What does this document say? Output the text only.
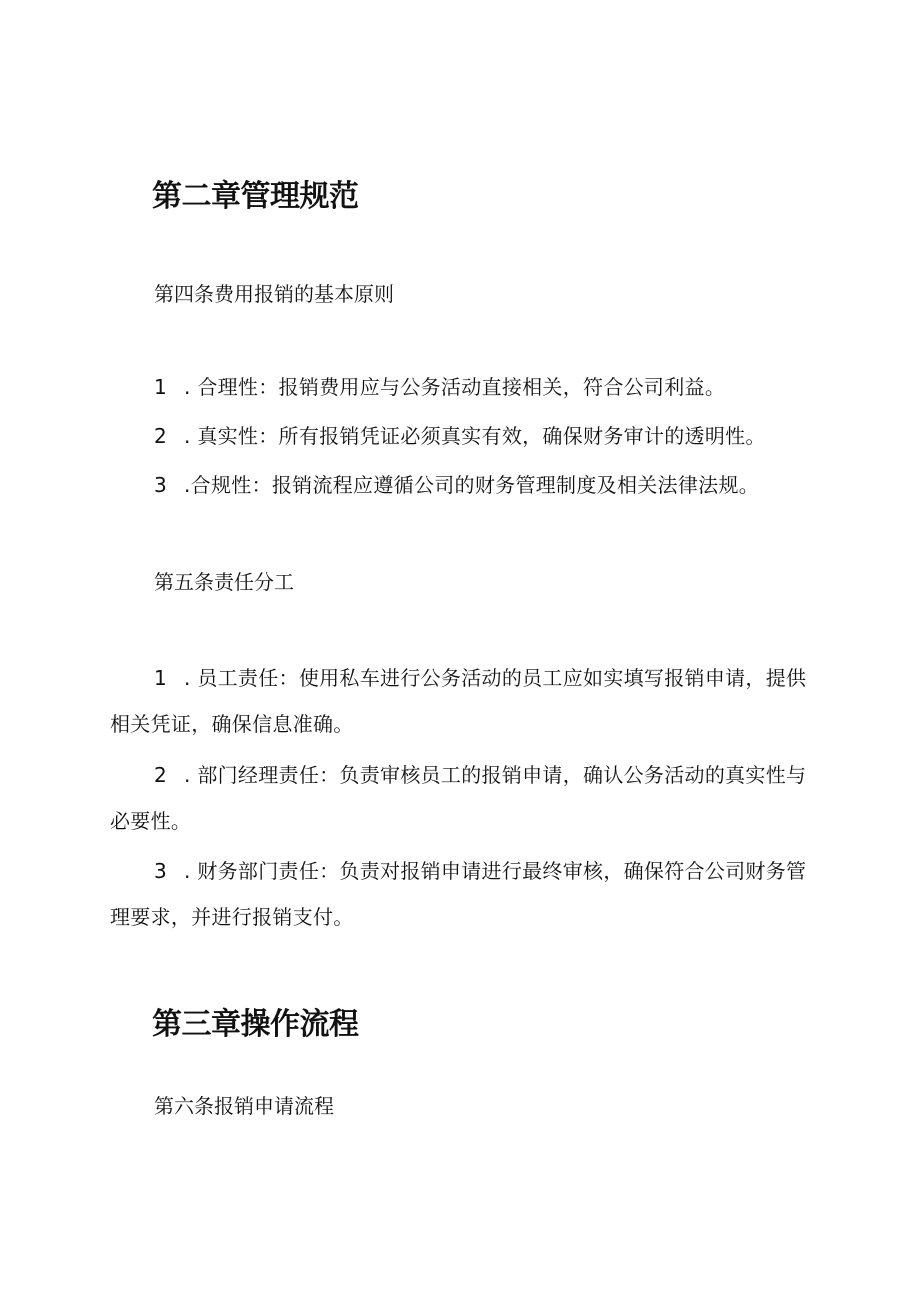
第二章管理规范
第四条费用报销的基本原则

1 . 合理性：报销费用应与公务活动直接相关，符合公司利益。

2 . 真实性：所有报销凭证必须真实有效，确保财务审计的透明性。

3 .合规性：报销流程应遵循公司的财务管理制度及相关法律法规。

第五条责任分工

1 . 员工责任：使用私车进行公务活动的员工应如实填写报销申请，提供相关凭证，确保信息准确。

2 . 部门经理责任：负责审核员工的报销申请，确认公务活动的真实性与必要性。

3 . 财务部门责任：负责对报销申请进行最终审核，确保符合公司财务管理要求，并进行报销支付。

第三章操作流程
第六条报销申请流程
